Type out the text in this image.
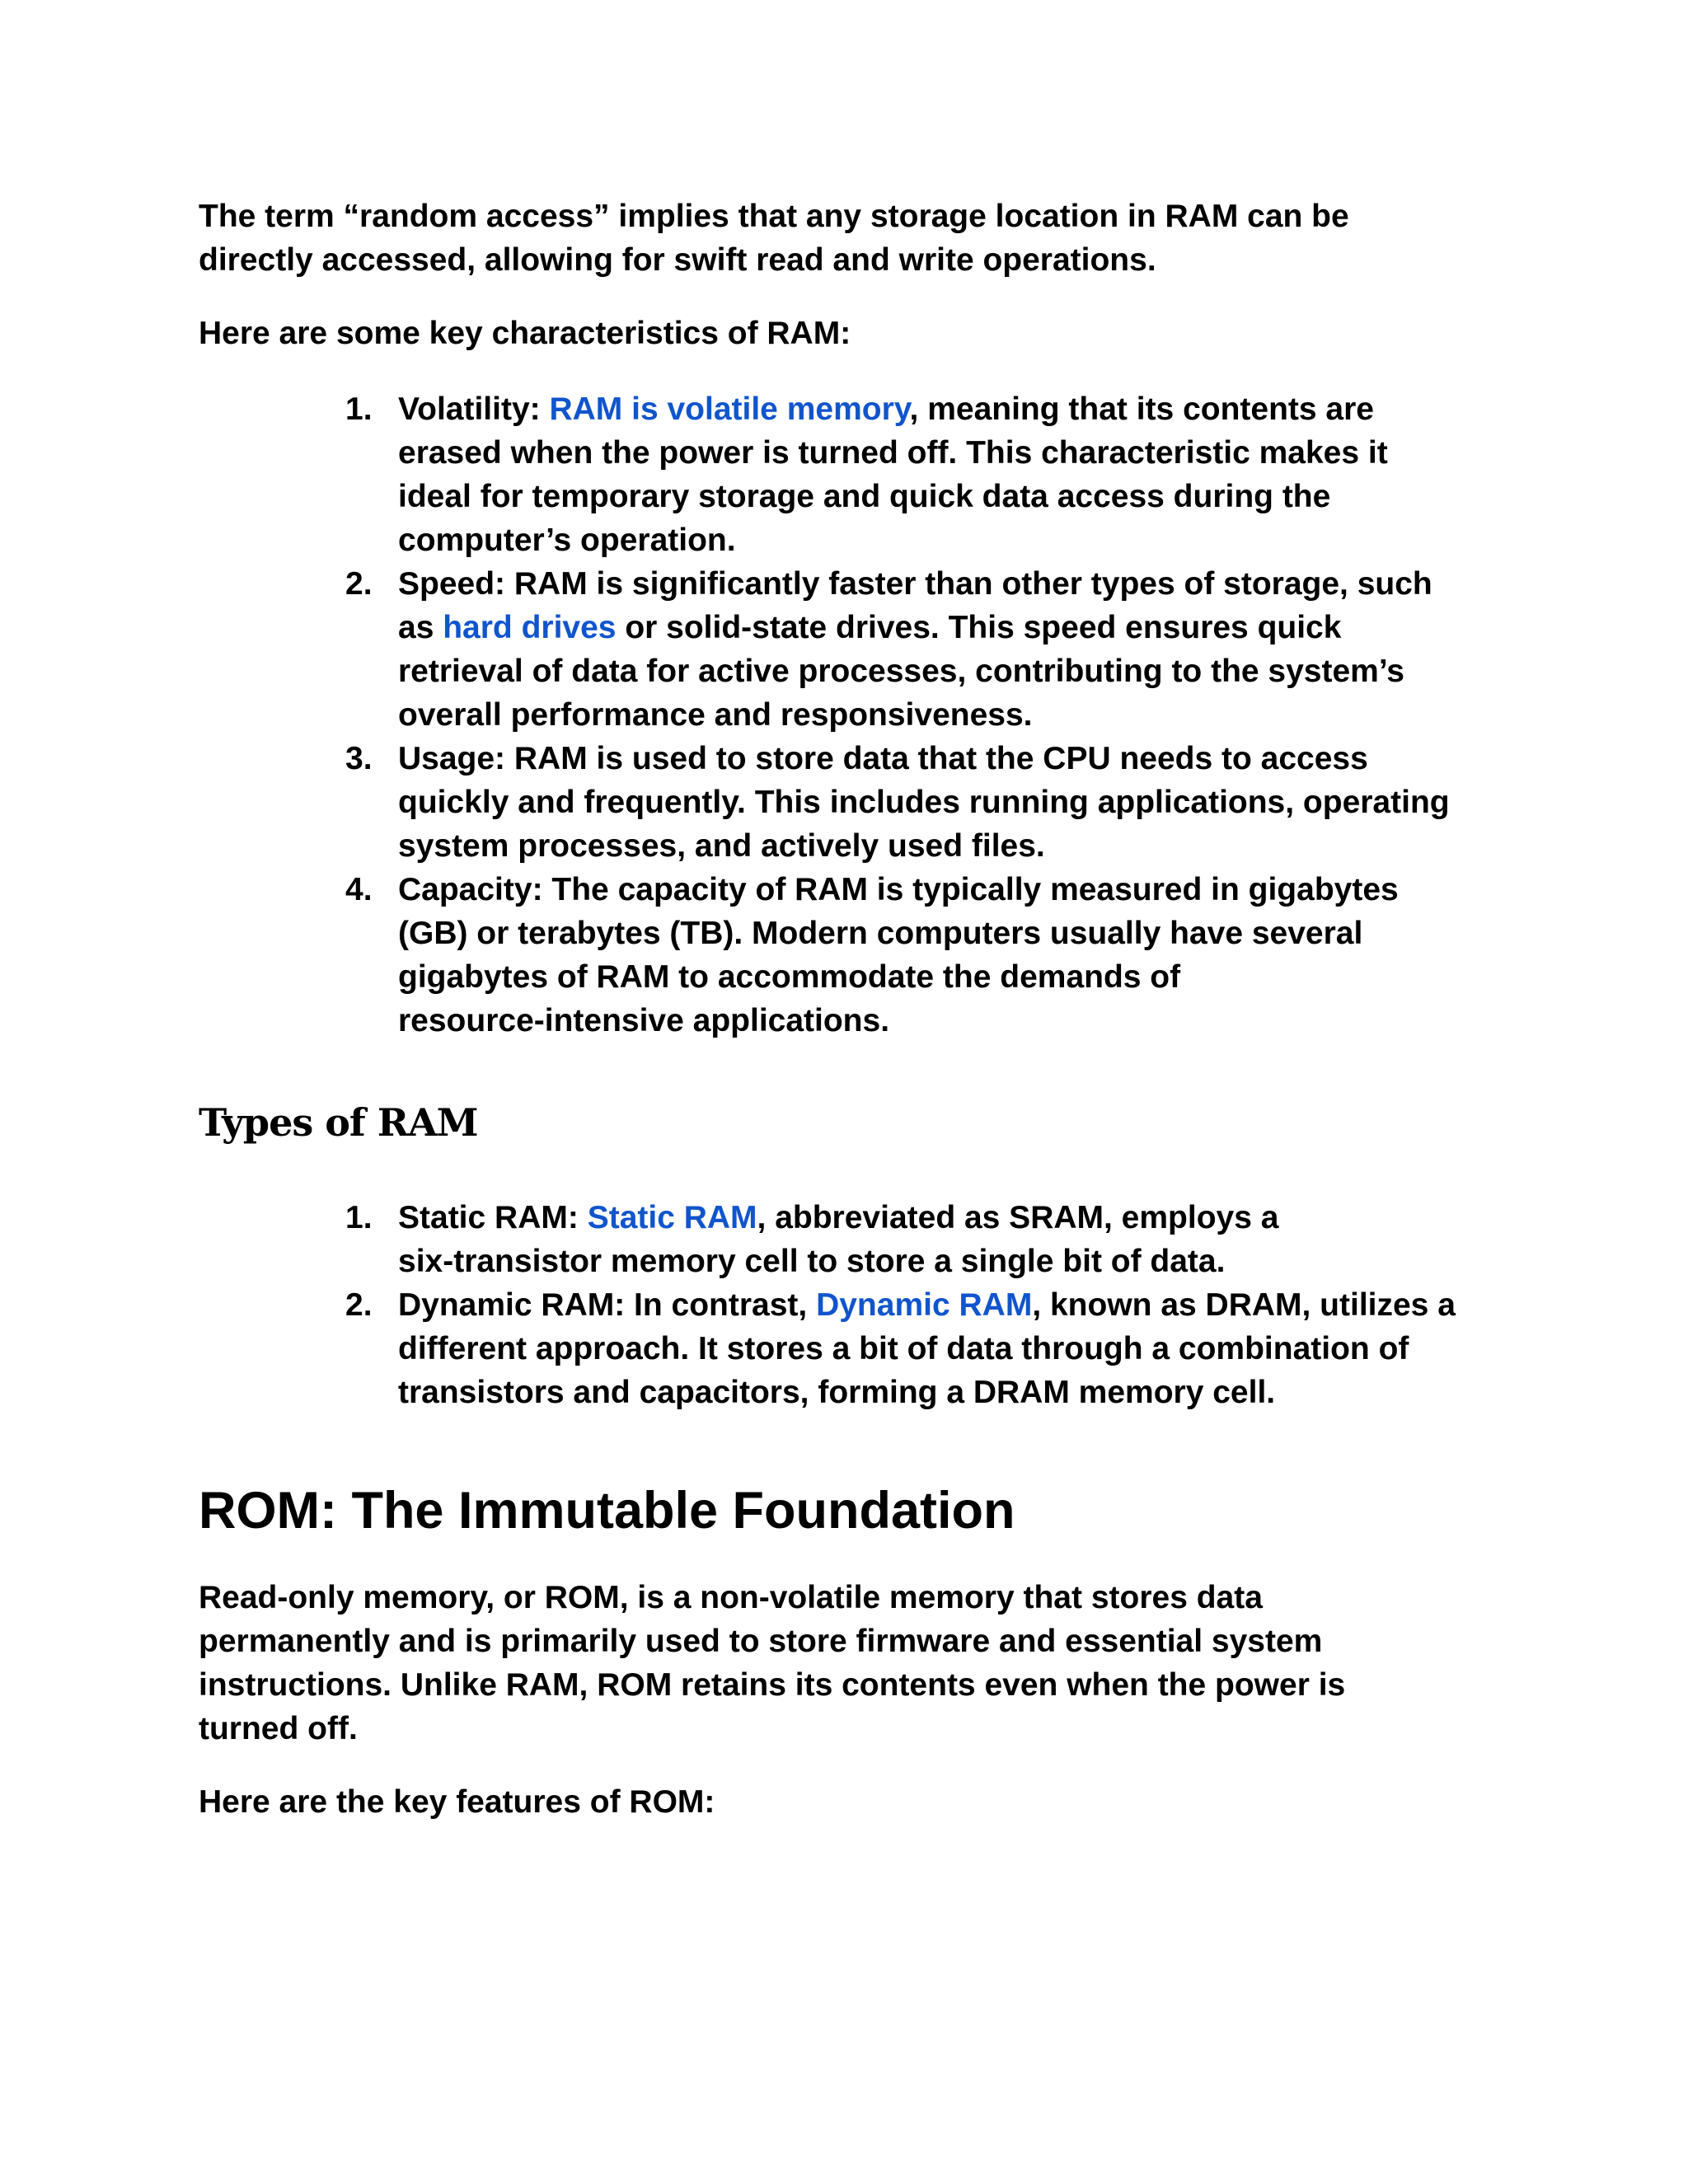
The term “random access” implies that any storage location in RAM can be
directly accessed, allowing for swift read and write operations.

Here are some key characteristics of RAM:

1. Volatility: RAM is volatile memory, meaning that its contents are
erased when the power is turned off. This characteristic makes it
ideal for temporary storage and quick data access during the
computer’s operation.
2. Speed: RAM is significantly faster than other types of storage, such
as hard drives or solid-state drives. This speed ensures quick
retrieval of data for active processes, contributing to the system’s
overall performance and responsiveness.
3. Usage: RAM is used to store data that the CPU needs to access
quickly and frequently. This includes running applications, operating
system processes, and actively used files.
4. Capacity: The capacity of RAM is typically measured in gigabytes
(GB) or terabytes (TB). Modern computers usually have several
gigabytes of RAM to accommodate the demands of
resource-intensive applications.
Types of RAM
1. Static RAM: Static RAM, abbreviated as SRAM, employs a
six-transistor memory cell to store a single bit of data.
2. Dynamic RAM: In contrast, Dynamic RAM, known as DRAM, utilizes a
different approach. It stores a bit of data through a combination of
transistors and capacitors, forming a DRAM memory cell.
ROM: The Immutable Foundation

Read-only memory, or ROM, is a non-volatile memory that stores data
permanently and is primarily used to store firmware and essential system
instructions. Unlike RAM, ROM retains its contents even when the power is
turned off.

Here are the key features of ROM:
